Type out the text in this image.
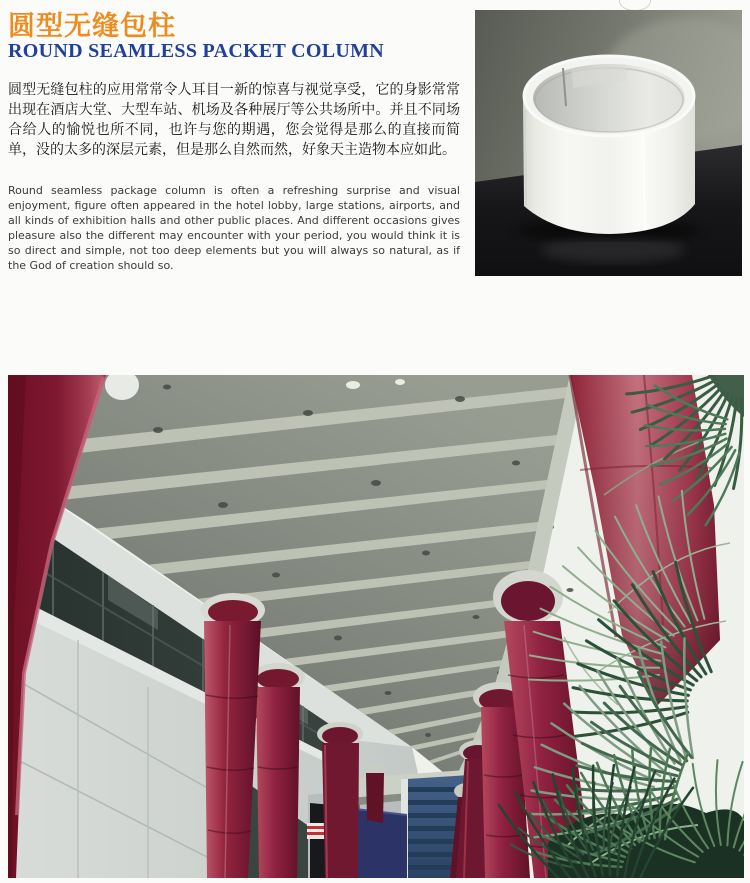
圆型无缝包柱
ROUND SEAMLESS PACKET COLUMN

圆型无缝包柱的应用常常令人耳目一新的惊喜与视觉享受，它的身影常常出现在酒店大堂、大型车站、机场及各种展厅等公共场所中。并且不同场合给人的愉悦也所不同，也许与您的期遇，您会觉得是那么的直接而简单，没的太多的深层元素，但是那么自然而然，好象天主造物本应如此。

Round seamless package column is often a refreshing surprise and visual enjoyment, figure often appeared in the hotel lobby, large stations, airports, and all kinds of exhibition halls and other public places. And different occasions gives pleasure also the different may encounter with your period, you would think it is so direct and simple, not too deep elements but you will always so natural, as if the God of creation should so.
